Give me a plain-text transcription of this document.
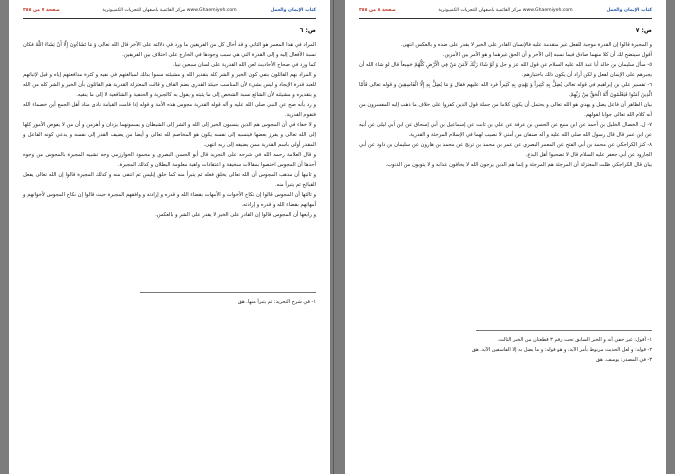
كتاب الإيمان والعمل
www.Ghaemiyeh.com مركز القائمية باصفهان للتحريات الكمبيوترية
صفحة ٧ من ٣٥٥
ص: ٦

المراد في هذا المعمر هو الثاني و قد أحال كل من الفريقين ما ورد في دلالته على الآخر قال الله تعالى وَ مَا تَشَاءُونَ إِلَّا أَنْ يَشَاءَ اللَّهُ فكان نسبة الأفعال إليه و إلى القدرة التي هي سبب وجودها في الخارج على اختلاف بين الفريقين.

كما ورد في صحاح الأحاديث لعن الله القدرية على لسان سبعين نبيا.

و المراد بهم القائلون بنفي كون الخير و الشر كله بتقدير الله و مشيئته سموا بذلك لمبالغتهم في نفيه و كثرة مدافعتهم إياه و قيل لإثباتهم للعبد قدرة الإيجاد و ليس بشيء لأن المناسب حينئذ القدري بضم القاف و قالت المعتزلة القدرية هم القائلون بأن الخير و الشر كله من الله و بتقديره و مشيئته لأن الشائع نسبة الشخص إلى ما يثبته و يقول به كالجبرية و الحنفية و الشافعية لا إلى ما ينفيه.

و رد بأنه صح عن النبي صلى الله عليه و آله قوله القدرية مجوس هذه الأمة و قوله إذا قامت القيامة نادى مناد أهل الجمع أين خصماء الله فتقوم القدرية.

و لا خفاء في أن المجوس هم الذين ينسبون الخير إلى الله و الشر إلى الشيطان و يسمونهما يزدان و أهرمن و أن من لا يفوض الأمور كلها إلى الله تعالى و يفرز بعضها فينسبه إلى نفسه يكون هو المخاصم لله تعالى و أيضا من يضيف القدر إلى نفسه و يدعي كونه الفاعل و المقدر أولى باسم القدرية ممن يضيفه إلى ربه انتهى.

و قال العلامة رحمه الله في شرحه على التجريد قال أبو الحسن البصري و محمود الخوارزمي وجه تشبيه المجبرة بالمجوس من وجوه أحدها أن المجوس اختصوا بمقالات سخيفة و اعتقادات واهية معلومة البطلان و كذلك المجبرة.

و ثانيها أن مذهب المجوس أن الله تعالى يخلق فعله ثم يتبرأ منه كما خلق إبليس ثم انتفى منه و كذلك المجبرة قالوا إن الله تعالى يفعل القبائح ثم يتبرأ منه.

و ثالثها أن المجوس قالوا إن نكاح الأخوات و الأمهات بقضاء الله و قدره و إرادته و وافقهم المجبرة حيث قالوا إن نكاح المجوس لأخواتهم و أمهاتهم بقضاء الله و قدره و إرادته.

و رابعها أن المجوس قالوا إن القادر على الخير لا يقدر على الشر و بالعكس.

١- في شرح التجريد: ثم يتبرأ منها. هق

كتاب الإيمان والعمل
www.Ghaemiyeh.com مركز القائمية باصفهان للتحريات الكمبيوترية
صفحة ٨ من ٣٥٥
ص: ٧

و المجبرة قالوا إن القدرة موجبة للفعل غير متقدمة عليه فالإنسان القادر على الخير لا يقدر على ضده و بالعكس انتهى.

أقول سيتضح لك أن كلا منهما صادق فيما نسبه إلى الآخر و أن الحق غيرهما و هو الأمر بين الأمرين.

٥- سأل سليمان بن خالد أبا عبد الله عليه السلام عن قول الله عز و جل وَ لَوْ شَاءَ رَبُّكَ لَآمَنَ مَنْ فِي الْأَرْضِ كُلُّهُمْ جَمِيعاً قال لو شاء الله أن يجبرهم على الإيمان لفعل و لكن أراد أن يكون ذلك باختيارهم.

٦- تفسير علي بن إبراهيم في قوله تعالى يُضِلُّ بِهِ كَثِيراً وَ يَهْدِي بِهِ كَثِيراً فرد الله عليهم فقال وَ مَا يُضِلُّ بِهِ إِلَّا الْفَاسِقِينَ و قوله تعالى فَأَمَّا الَّذِينَ آمَنُوا فَيَعْلَمُونَ أَنَّهُ الْحَقُّ مِنْ رَبِّهِمْ.

بيان الظاهر أن فاعل يضل و يهدي هو الله تعالى و يحتمل أن يكون كلاما من جملة قول الذين كفروا على خلاف ما ذهب إليه المفسرون من أنه كلام الله تعالى جوابا لقولهم.

٧- ل، الخصال الخليل بن أحمد عن ابن منيع عن الحسن بن عرفة عن علي بن ثابت عن إسماعيل بن أبي إسحاق عن ابن أبي ليلى عن أبيه عن ابن عمر قال قال رسول الله صلى الله عليه و آله صنفان من أمتي لا نصيب لهما في الإسلام المرجئة و القدرية.

٨- كنز الكراجكي عن محمد بن أبي الفتح عن المعمر البصري عن عمر بن محمد بن ترنج عن محمد بن هارون عن سليمان بن داود عن أبي الجارود عن أبي جعفر عليه السلام قال لا تصحبوا أهل البدع.

بيان قال الكراجكي ظلت المعتزلة أن المرجئة هم المرجئة و إنما هم الذين يرجون الله لا يخافون عذابه و لا يتوبون من الذنوب.

١- أقول: غير خفي أنه و الخبر السابق تحت رقم ٣ قطعتان من الخبر الثالث.

٢- قوله: و لعل الحديث مربوط بأمر الآية، و هو قوله: و ما يضل به إلا الفاسقين الآية. هق

٣- في المصدر: يوسف. هق
